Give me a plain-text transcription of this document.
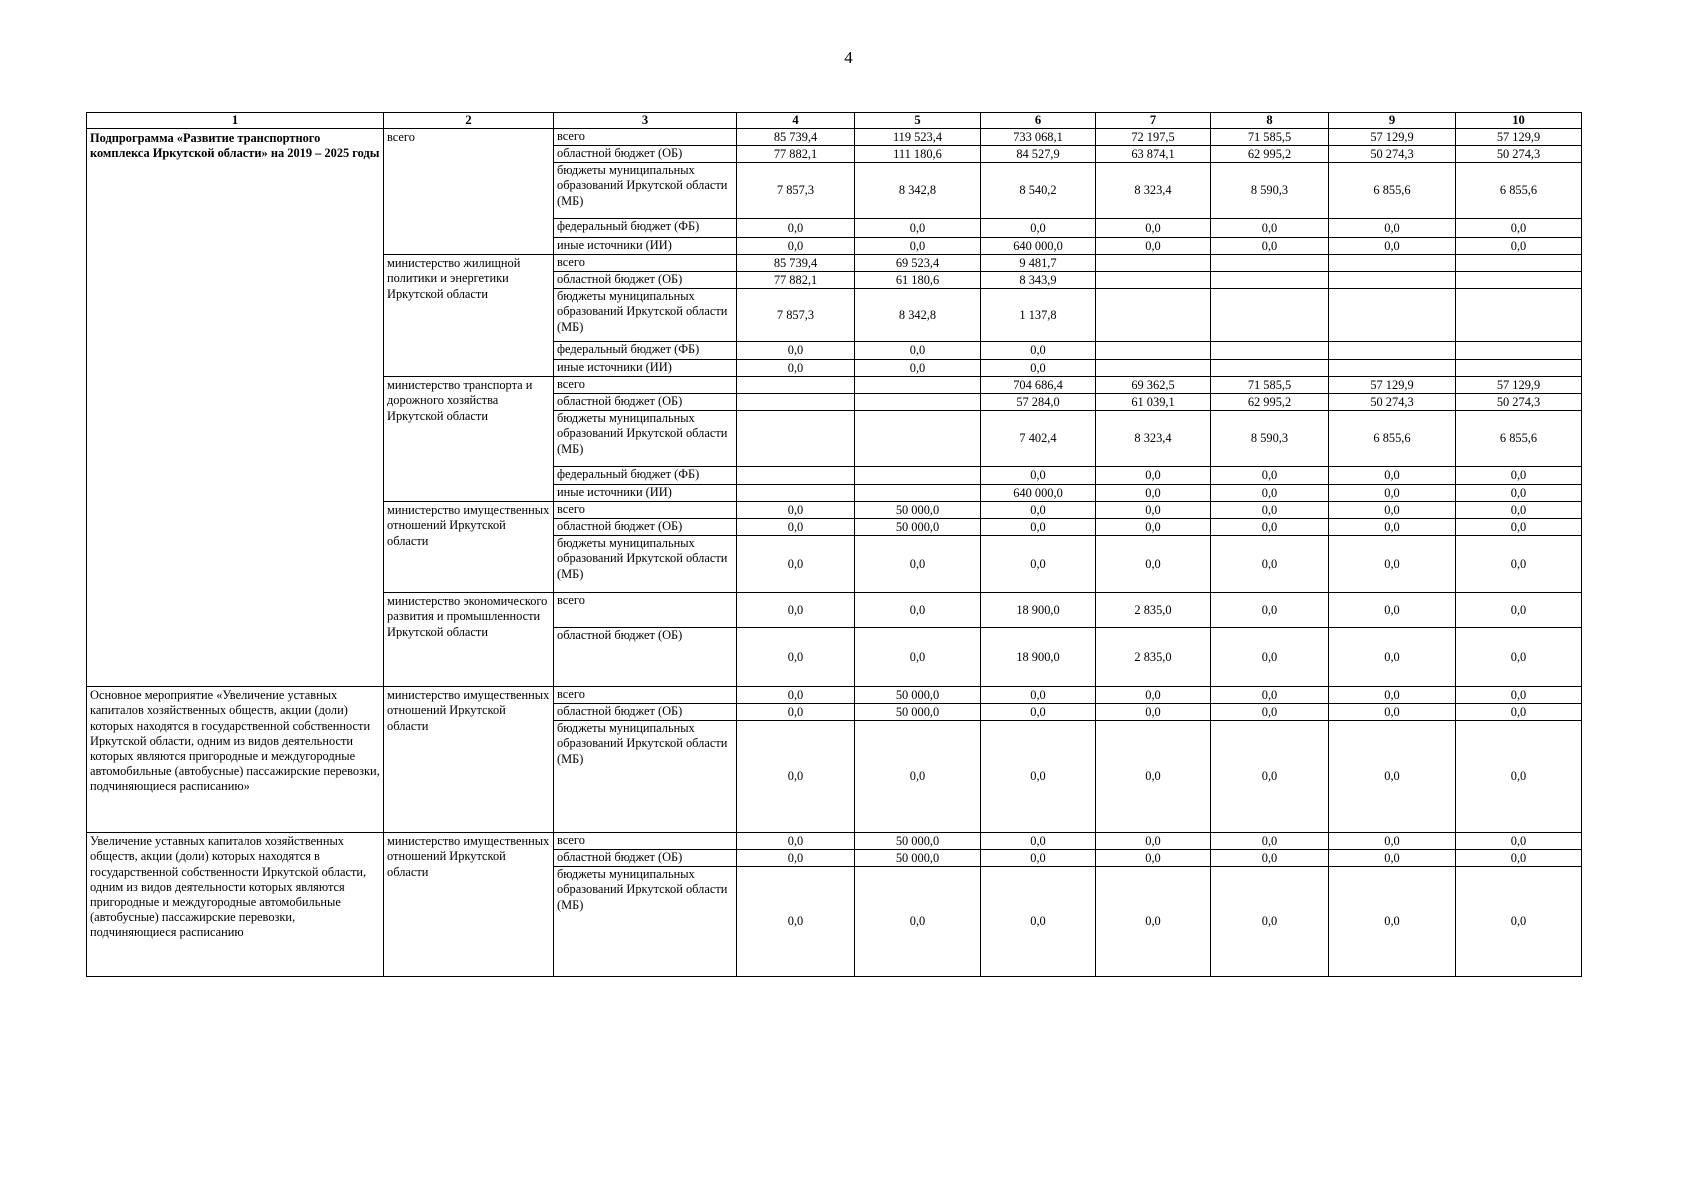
4
1	2	3	4	5	6	7	8	9	10
Подпрограмма «Развитие транспортного комплекса Иркутской области» на 2019 – 2025 годы	всего	всего	85 739,4	119 523,4	733 068,1	72 197,5	71 585,5	57 129,9	57 129,9
		областной бюджет (ОБ)	77 882,1	111 180,6	84 527,9	63 874,1	62 995,2	50 274,3	50 274,3
		бюджеты муниципальных образований Иркутской области (МБ)	7 857,3	8 342,8	8 540,2	8 323,4	8 590,3	6 855,6	6 855,6
		федеральный бюджет (ФБ)	0,0	0,0	0,0	0,0	0,0	0,0	0,0
		иные источники (ИИ)	0,0	0,0	640 000,0	0,0	0,0	0,0	0,0
	министерство жилищной политики и энергетики Иркутской области	всего	85 739,4	69 523,4	9 481,7				
		областной бюджет (ОБ)	77 882,1	61 180,6	8 343,9				
		бюджеты муниципальных образований Иркутской области (МБ)	7 857,3	8 342,8	1 137,8				
		федеральный бюджет (ФБ)	0,0	0,0	0,0				
		иные источники (ИИ)	0,0	0,0	0,0				
	министерство транспорта и дорожного хозяйства Иркутской области	всего			704 686,4	69 362,5	71 585,5	57 129,9	57 129,9
		областной бюджет (ОБ)			57 284,0	61 039,1	62 995,2	50 274,3	50 274,3
		бюджеты муниципальных образований Иркутской области (МБ)			7 402,4	8 323,4	8 590,3	6 855,6	6 855,6
		федеральный бюджет (ФБ)			0,0	0,0	0,0	0,0	0,0
		иные источники (ИИ)			640 000,0	0,0	0,0	0,0	0,0
	министерство имущественных отношений Иркутской области	всего	0,0	50 000,0	0,0	0,0	0,0	0,0	0,0
		областной бюджет (ОБ)	0,0	50 000,0	0,0	0,0	0,0	0,0	0,0
		бюджеты муниципальных образований Иркутской области (МБ)	0,0	0,0	0,0	0,0	0,0	0,0	0,0
	министерство экономического развития и промышленности Иркутской области	всего	0,0	0,0	18 900,0	2 835,0	0,0	0,0	0,0
		областной бюджет (ОБ)	0,0	0,0	18 900,0	2 835,0	0,0	0,0	0,0
Основное мероприятие «Увеличение уставных капиталов хозяйственных обществ, акции (доли) которых находятся в государственной собственности Иркутской области, одним из видов деятельности которых являются пригородные и междугородные автомобильные (автобусные) пассажирские перевозки, подчиняющиеся расписанию»	министерство имущественных отношений Иркутской области	всего	0,0	50 000,0	0,0	0,0	0,0	0,0	0,0
		областной бюджет (ОБ)	0,0	50 000,0	0,0	0,0	0,0	0,0	0,0
		бюджеты муниципальных образований Иркутской области (МБ)	0,0	0,0	0,0	0,0	0,0	0,0	0,0
Увеличение уставных капиталов хозяйственных обществ, акции (доли) которых находятся в государственной собственности Иркутской области, одним из видов деятельности которых являются пригородные и междугородные автомобильные (автобусные) пассажирские перевозки, подчиняющиеся расписанию	министерство имущественных отношений Иркутской области	всего	0,0	50 000,0	0,0	0,0	0,0	0,0	0,0
		областной бюджет (ОБ)	0,0	50 000,0	0,0	0,0	0,0	0,0	0,0
		бюджеты муниципальных образований Иркутской области (МБ)	0,0	0,0	0,0	0,0	0,0	0,0	0,0
